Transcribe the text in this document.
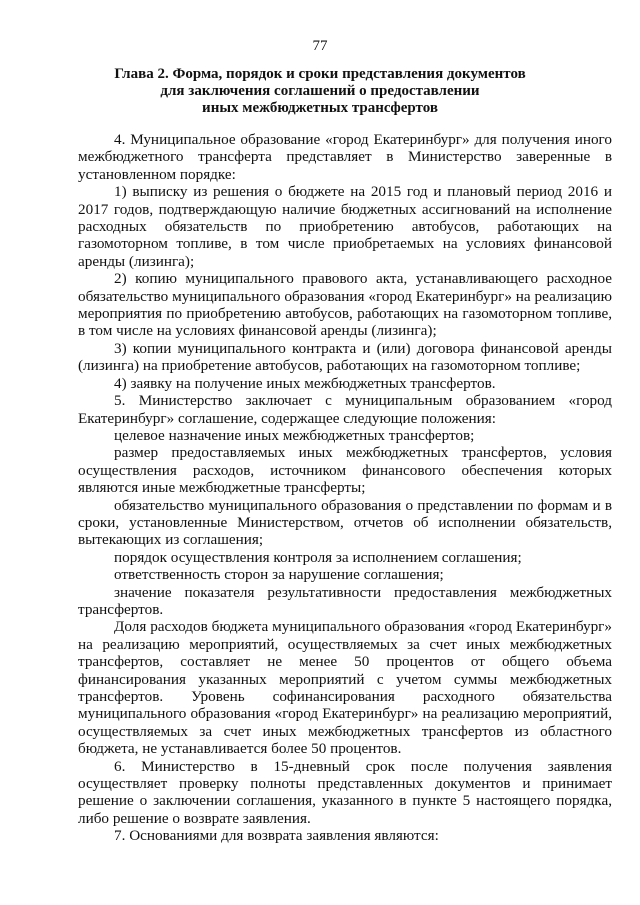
77
Глава 2. Форма, порядок и сроки представления документов
для заключения соглашений о предоставлении
иных межбюджетных трансфертов

4. Муниципальное образование «город Екатеринбург» для получения иного межбюджетного трансферта представляет в Министерство заверенные в установленном порядке:

1) выписку из решения о бюджете на 2015 год и плановый период 2016 и 2017 годов, подтверждающую наличие бюджетных ассигнований на исполнение расходных обязательств по приобретению автобусов, работающих на газомоторном топливе, в том числе приобретаемых на условиях финансовой аренды (лизинга);

2) копию муниципального правового акта, устанавливающего расходное обязательство муниципального образования «город Екатеринбург» на реализацию мероприятия по приобретению автобусов, работающих на газомоторном топливе, в том числе на условиях финансовой аренды (лизинга);

3) копии муниципального контракта и (или) договора финансовой аренды (лизинга) на приобретение автобусов, работающих на газомоторном топливе;

4) заявку на получение иных межбюджетных трансфертов.

5. Министерство заключает с муниципальным образованием «город Екатеринбург» соглашение, содержащее следующие положения:

целевое назначение иных межбюджетных трансфертов;

размер предоставляемых иных межбюджетных трансфертов, условия осуществления расходов, источником финансового обеспечения которых являются иные межбюджетные трансферты;

обязательство муниципального образования о представлении по формам и в сроки, установленные Министерством, отчетов об исполнении обязательств, вытекающих из соглашения;

порядок осуществления контроля за исполнением соглашения;

ответственность сторон за нарушение соглашения;

значение показателя результативности предоставления межбюджетных трансфертов.

Доля расходов бюджета муниципального образования «город Екатеринбург» на реализацию мероприятий, осуществляемых за счет иных межбюджетных трансфертов, составляет не менее 50 процентов от общего объема финансирования указанных мероприятий с учетом суммы межбюджетных трансфертов. Уровень софинансирования расходного обязательства муниципального образования «город Екатеринбург» на реализацию мероприятий, осуществляемых за счет иных межбюджетных трансфертов из областного бюджета, не устанавливается более 50 процентов.

6. Министерство в 15-дневный срок после получения заявления осуществляет проверку полноты представленных документов и принимает решение о заключении соглашения, указанного в пункте 5 настоящего порядка, либо решение о возврате заявления.

7. Основаниями для возврата заявления являются:
